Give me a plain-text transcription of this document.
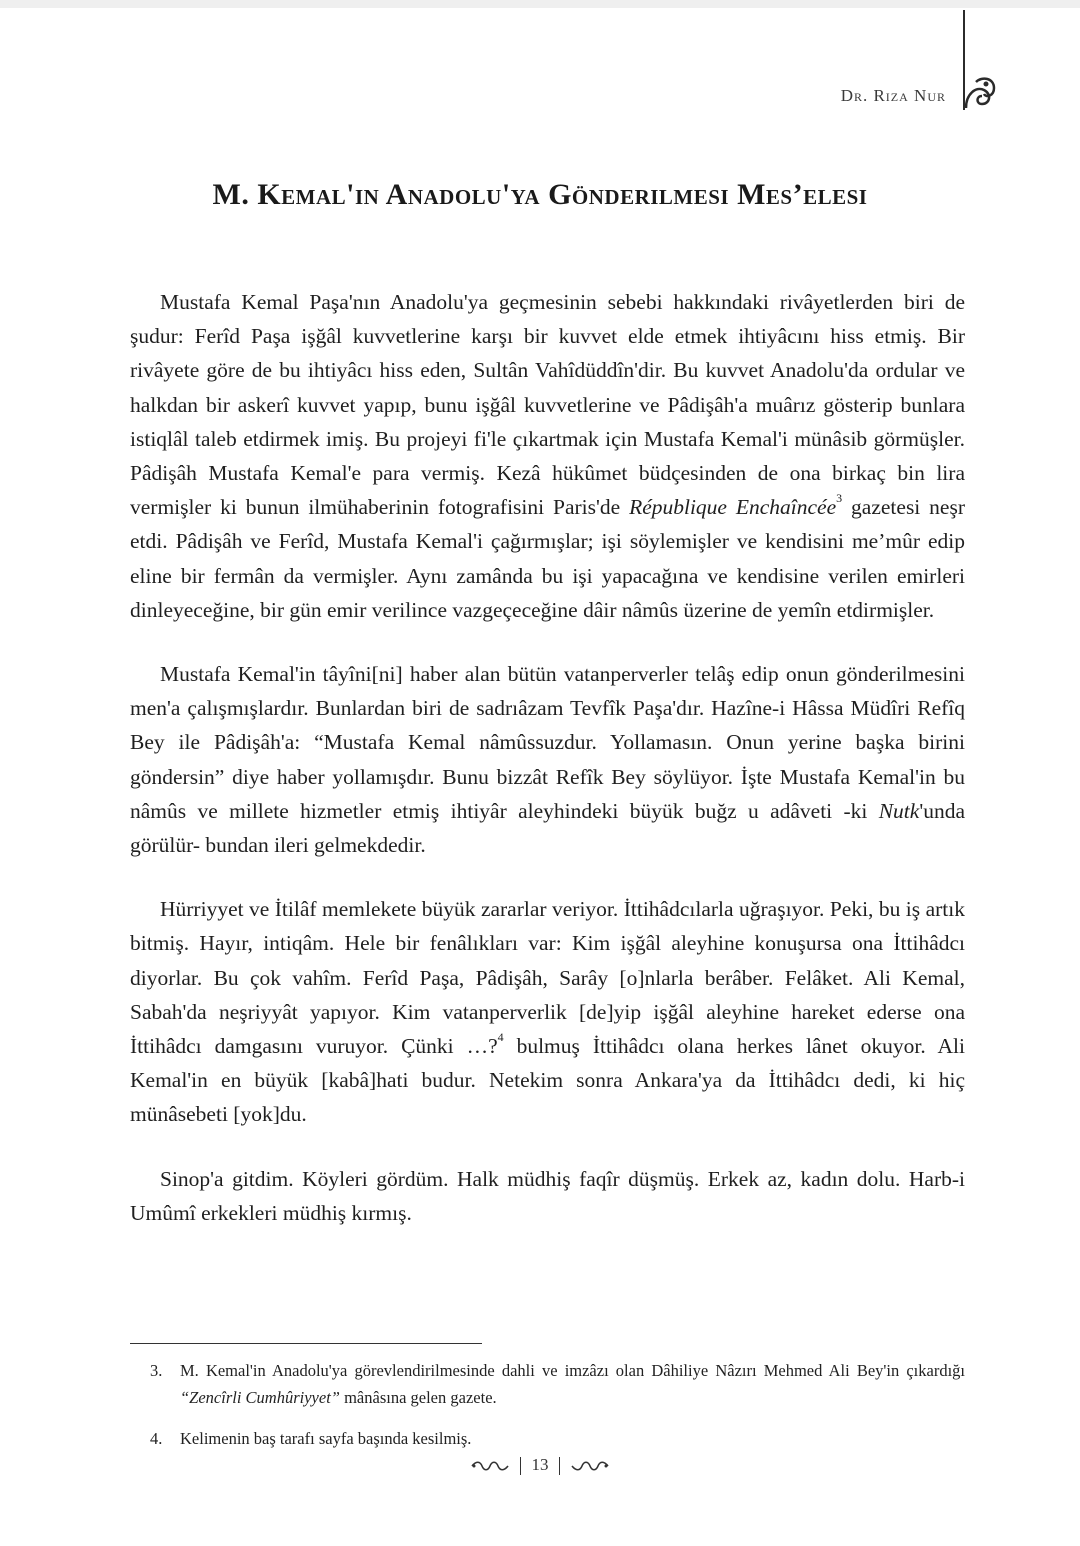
Dr. Rıza Nur
M. Kemal'in Anadolu'ya Gönderilmesi Mes’elesi

Mustafa Kemal Paşa'nın Anadolu'ya geçmesinin sebebi hakkındaki rivâyetlerden biri de şudur: Ferîd Paşa işğâl kuvvetlerine karşı bir kuvvet elde etmek ihtiyâcını hiss etmiş. Bir rivâyete göre de bu ihtiyâcı hiss eden, Sultân Vahîdüddîn'dir. Bu kuvvet Anadolu'da ordular ve halkdan bir askerî kuvvet yapıp, bunu işğâl kuvvetlerine ve Pâdişâh'a muârız gösterip bunlara istiqlâl taleb etdirmek imiş. Bu projeyi fi'le çıkartmak için Mustafa Kemal'i münâsib görmüşler. Pâdişâh Mustafa Kemal'e para vermiş. Kezâ hükûmet büdçesinden de ona birkaç bin lira vermişler ki bunun ilmühaberinin fotografisini Paris'de République Enchaîncée$^3$ gazetesi neşr etdi. Pâdişâh ve Ferîd, Mustafa Kemal'i çağırmışlar; işi söylemişler ve kendisini me’mûr edip eline bir fermân da vermişler. Aynı zamânda bu işi yapacağına ve kendisine verilen emirleri dinleyeceğine, bir gün emir verilince vazgeçeceğine dâir nâmûs üzerine de yemîn etdirmişler.

Mustafa Kemal'in tâyîni[ni] haber alan bütün vatanperverler telâş edip onun gönderilmesini men'a çalışmışlardır. Bunlardan biri de sadrıâzam Tevfîk Paşa'dır. Hazîne-i Hâssa Müdîri Refîq Bey ile Pâdişâh'a: “Mustafa Kemal nâmûssuzdur. Yollamasın. Onun yerine başka birini göndersin” diye haber yollamışdır. Bunu bizzât Refîk Bey söylüyor. İşte Mustafa Kemal'in bu nâmûs ve millete hizmetler etmiş ihtiyâr aleyhindeki büyük buğz u adâveti -ki Nutk'unda görülür- bundan ileri gelmekdedir.

Hürriyyet ve İtilâf memlekete büyük zararlar veriyor. İttihâdcılarla uğraşıyor. Peki, bu iş artık bitmiş. Hayır, intiqâm. Hele bir fenâlıkları var: Kim işğâl aleyhine konuşursa ona İttihâdcı diyorlar. Bu çok vahîm. Ferîd Paşa, Pâdişâh, Sarây [o]nlarla berâber. Felâket. Ali Kemal, Sabah'da neşriyyât yapıyor. Kim vatanperverlik [de]yip işğâl aleyhine hareket ederse ona İttihâdcı damgasını vuruyor. Çünki …?$^4$ bulmuş İttihâdcı olana herkes lânet okuyor. Ali Kemal'in en büyük [kabâ]hati budur. Netekim sonra Ankara'ya da İttihâdcı dedi, ki hiç münâsebeti [yok]du.

Sinop'a gitdim. Köyleri gördüm. Halk müdhiş faqîr düşmüş. Erkek az, kadın dolu. Harb-i Umûmî erkekleri müdhiş kırmış.

3.	M. Kemal'in Anadolu'ya görevlendirilmesinde dahli ve imzâzı olan Dâhiliye Nâzırı Mehmed Ali Bey'in çıkardığı “Zencîrli Cumhûriyyet” mânâsına gelen gazete.
4.	Kelimenin baş tarafı sayfa başında kesilmiş.
13
